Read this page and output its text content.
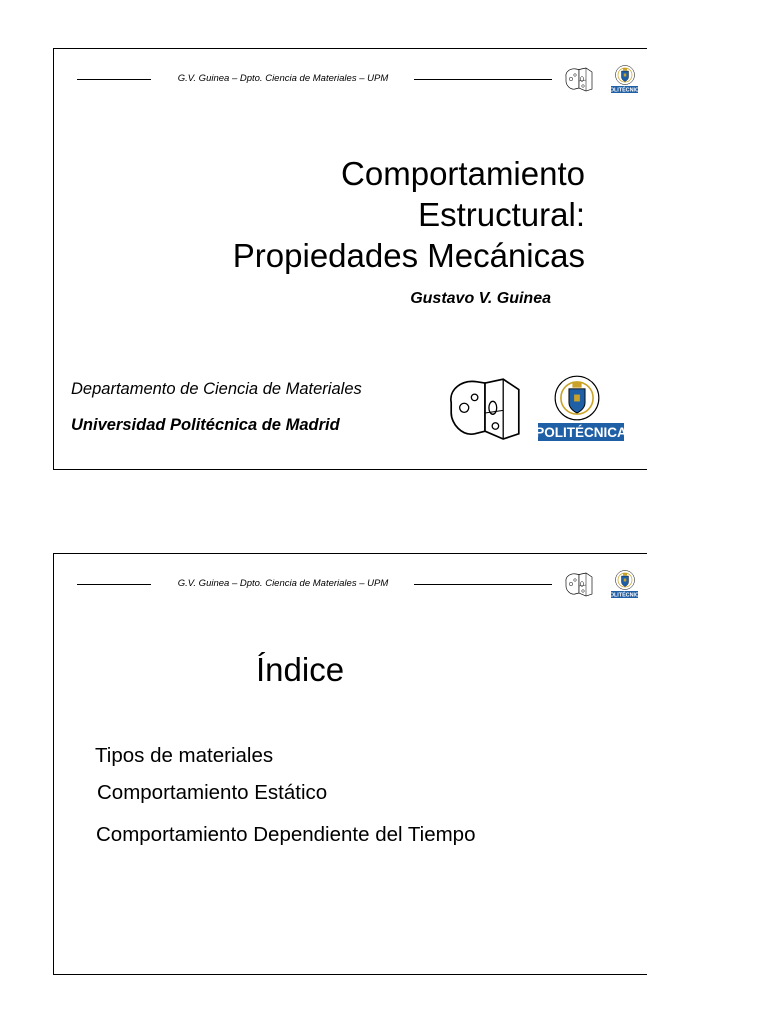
G.V. Guinea – Dpto. Ciencia de Materiales – UPM
POLITÉCNICA
Comportamiento
Estructural:
Propiedades Mecánicas
Gustavo V. Guinea
Departamento de Ciencia de Materiales
Universidad Politécnica de Madrid	POLITÉCNICA
G.V. Guinea – Dpto. Ciencia de Materiales – UPM
POLITÉCNICA
Índice
Tipos de materiales
Comportamiento Estático
Comportamiento Dependiente del Tiempo
